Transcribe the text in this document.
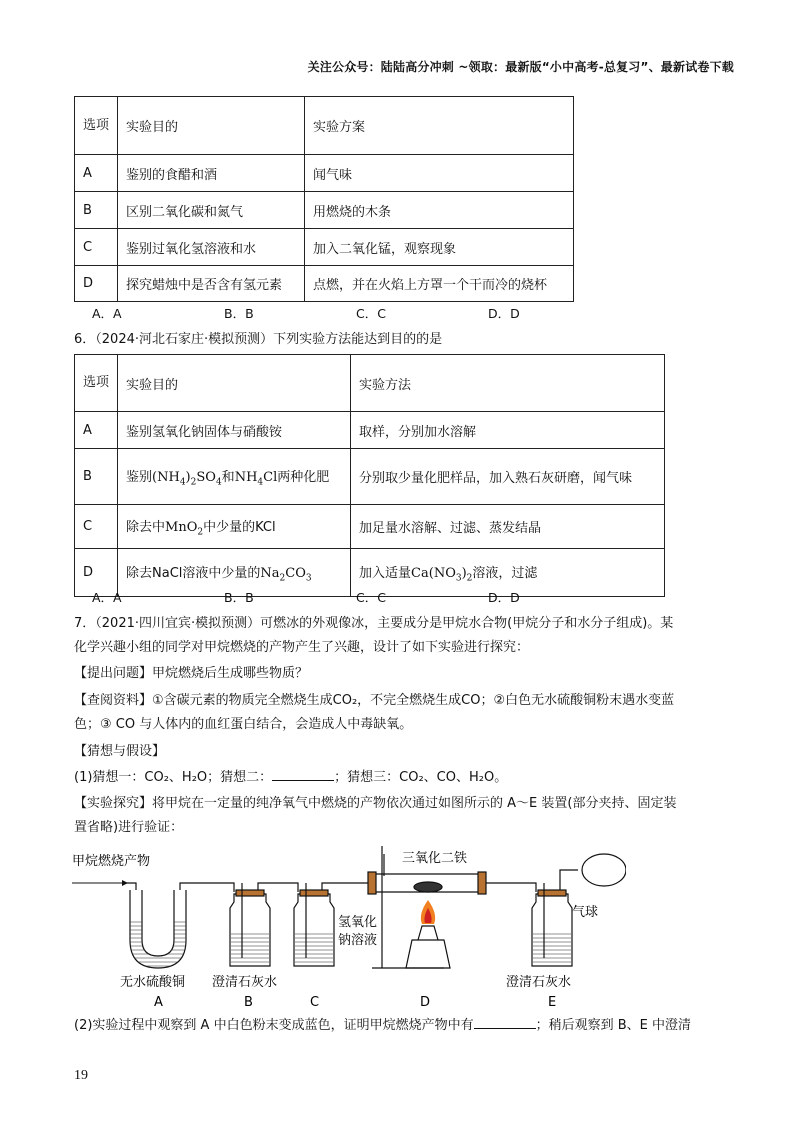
关注公众号：陆陆高分冲刺 ~领取：最新版“小中高考-总复习”、最新试卷下载
选项	实验目的	实验方案
A	鉴别的食醋和酒	闻气味
B	区别二氧化碳和氮气	用燃烧的木条
C	鉴别过氧化氢溶液和水	加入二氧化锰，观察现象
D	探究蜡烛中是否含有氢元素	点燃，并在火焰上方罩一个干而冷的烧杯
A．A	B．B	C．C	D．D
6．（2024·河北石家庄·模拟预测）下列实验方法能达到目的的是
选项	实验目的	实验方法
A	鉴别氢氧化钠固体与硝酸铵	取样，分别加水溶解
B	鉴别$(NH_4)_2SO_4$和$NH_4Cl$两种化肥	分别取少量化肥样品，加入熟石灰研磨，闻气味
C	除去中MnO$_2$中少量的KCl	加足量水溶解、过滤、蒸发结晶
D	除去NaCl溶液中少量的$Na_2CO_3$	加入适量$Ca(NO_3)_2$溶液，过滤
A．A	B．B	C．C	D．D
7．（2021·四川宜宾·模拟预测）可燃冰的外观像冰，主要成分是甲烷水合物(甲烷分子和水分子组成)。某
化学兴趣小组的同学对甲烷燃烧的产物产生了兴趣，设计了如下实验进行探究：
【提出问题】甲烷燃烧后生成哪些物质？
【查阅资料】①含碳元素的物质完全燃烧生成CO₂，不完全燃烧生成CO；②白色无水硫酸铜粉末遇水变蓝
色；③ CO 与人体内的血红蛋白结合，会造成人中毒缺氧。
【猜想与假设】
(1)猜想一：CO₂、H₂O；猜想二：	；猜想三：CO₂、CO、H₂O。
【实验探究】将甲烷在一定量的纯净氧气中燃烧的产物依次通过如图所示的 A～E 装置(部分夹持、固定装
置省略)进行验证：
甲烷燃烧产物
氢氧化
钠溶液
三氧化二铁
气球
无水硫酸铜 澄清石灰水	澄清石灰水
A	B	C	D	E
(2)实验过程中观察到 A 中白色粉末变成蓝色，证明甲烷燃烧产物中有	；稍后观察到 B、E 中澄清
19
